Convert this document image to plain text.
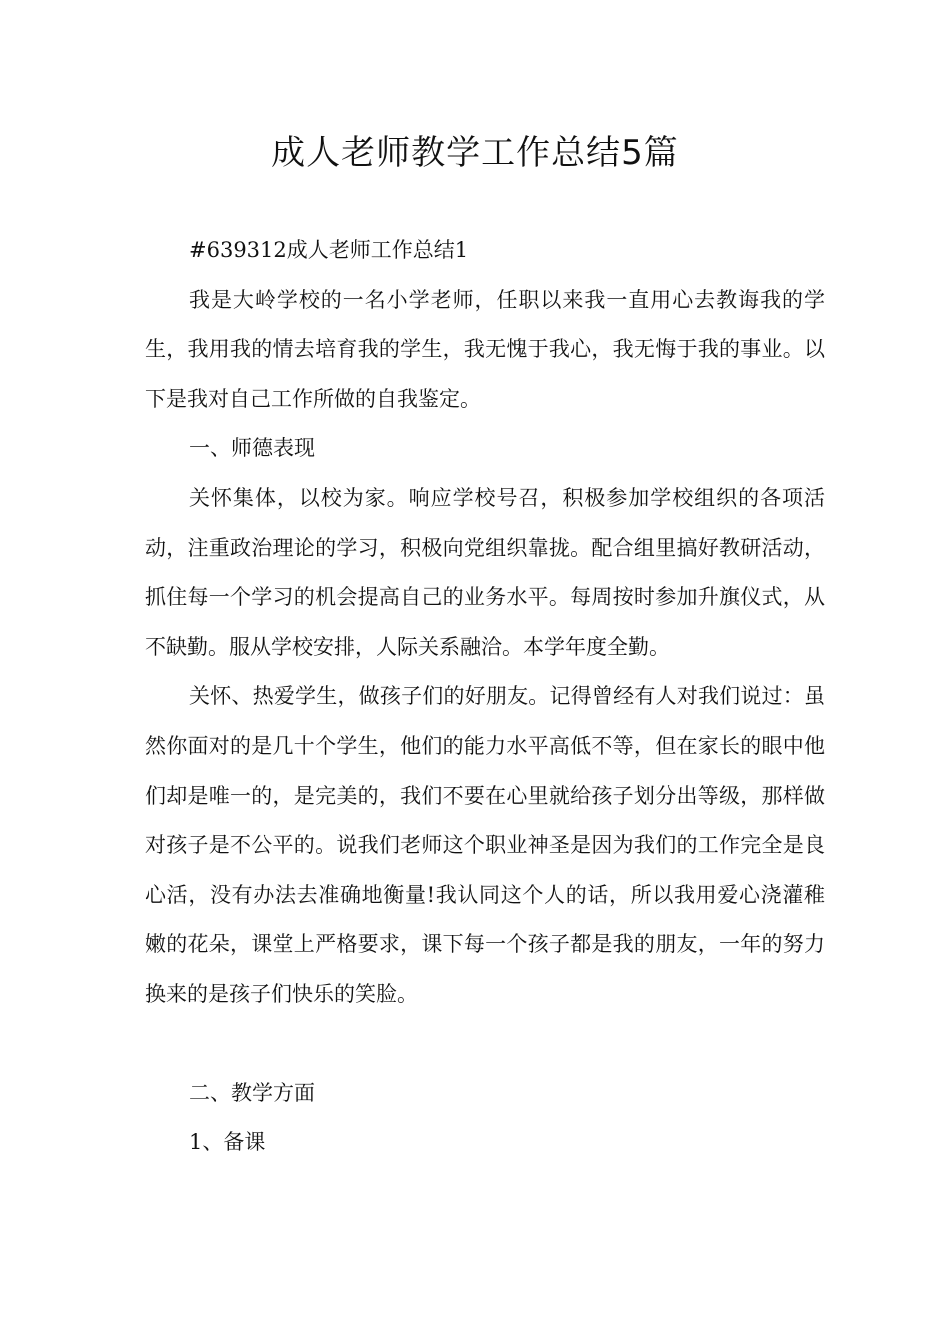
成人老师教学工作总结5篇

#639312成人老师工作总结1

我是大岭学校的一名小学老师，任职以来我一直用心去教诲我的学生，我用我的情去培育我的学生，我无愧于我心，我无悔于我的事业。以下是我对自己工作所做的自我鉴定。

一、师德表现

关怀集体，以校为家。响应学校号召，积极参加学校组织的各项活动，注重政治理论的学习，积极向党组织靠拢。配合组里搞好教研活动，抓住每一个学习的机会提高自己的业务水平。每周按时参加升旗仪式，从不缺勤。服从学校安排，人际关系融洽。本学年度全勤。

关怀、热爱学生，做孩子们的好朋友。记得曾经有人对我们说过：虽然你面对的是几十个学生，他们的能力水平高低不等，但在家长的眼中他们却是唯一的，是完美的，我们不要在心里就给孩子划分出等级，那样做对孩子是不公平的。说我们老师这个职业神圣是因为我们的工作完全是良心活，没有办法去准确地衡量!我认同这个人的话，所以我用爱心浇灌稚嫩的花朵，课堂上严格要求，课下每一个孩子都是我的朋友，一年的努力换来的是孩子们快乐的笑脸。

二、教学方面

1、备课
